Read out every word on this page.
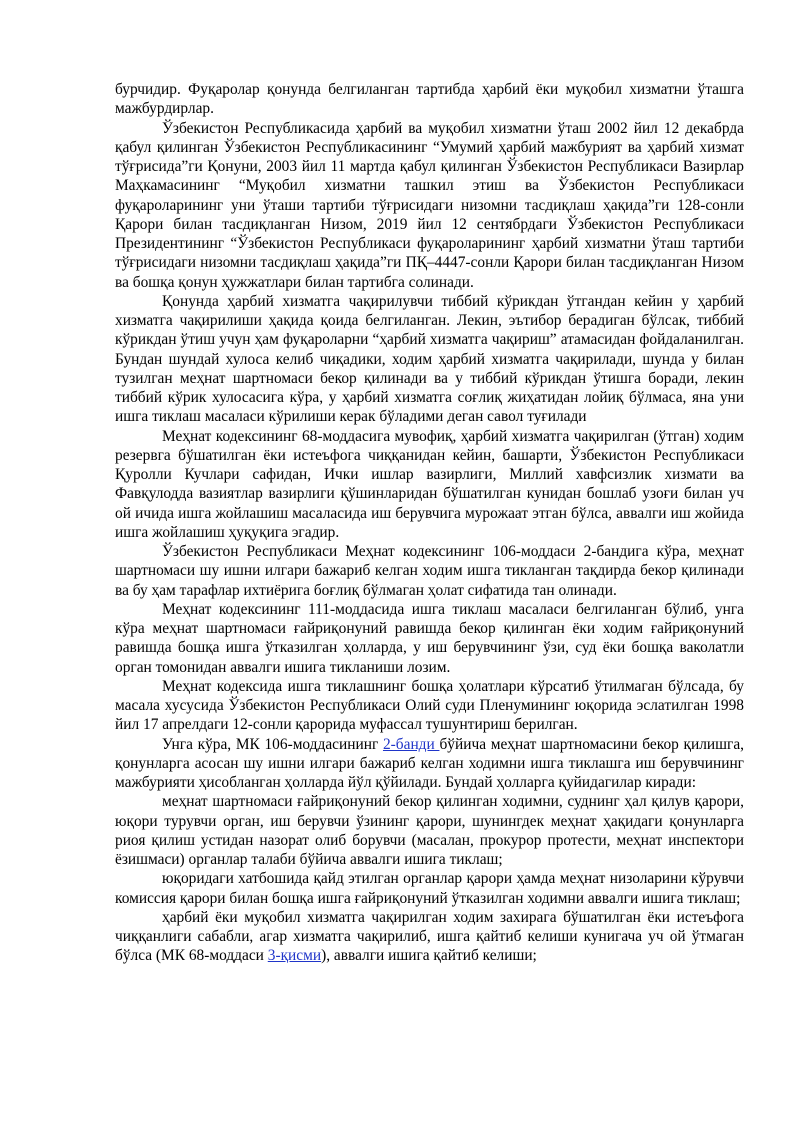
бурчидир. Фуқаролар қонунда белгиланган тартибда ҳарбий ёки муқобил хизматни ўташга мажбурдирлар.

Ўзбекистон Республикасида ҳарбий ва муқобил хизматни ўташ 2002 йил 12 декабрда қабул қилинган Ўзбекистон Республикасининг “Умумий ҳарбий мажбурият ва ҳарбий хизмат тўғрисида”ги Қонуни, 2003 йил 11 мартда қабул қилинган Ўзбекистон Республикаси Вазирлар Маҳкамасининг “Муқобил хизматни ташкил этиш ва Ўзбекистон Республикаси фуқароларининг уни ўташи тартиби тўғрисидаги низомни тасдиқлаш ҳақида”ги 128-сонли Қарори билан тасдиқланган Низом, 2019 йил 12 сентябрдаги Ўзбекистон Республикаси Президентининг “Ўзбекистон Республикаси фуқароларининг ҳарбий хизматни ўташ тартиби тўғрисидаги низомни тасдиқлаш ҳақида”ги ПҚ–4447-сонли Қарори билан тасдиқланган Низом ва бошқа қонун ҳужжатлари билан тартибга солинади.

Қонунда ҳарбий хизматга чақирилувчи тиббий кўрикдан ўтгандан кейин у ҳарбий хизматга чақирилиши ҳақида қоида белгиланган. Лекин, эътибор берадиган бўлсак, тиббий кўрикдан ўтиш учун ҳам фуқароларни “ҳарбий хизматга чақириш” атамасидан фойдаланилган. Бундан шундай хулоса келиб чиқадики, ходим ҳарбий хизматга чақирилади, шунда у билан тузилган меҳнат шартномаси бекор қилинади ва у тиббий кўрикдан ўтишга боради, лекин тиббий кўрик хулосасига кўра, у ҳарбий хизматга соғлиқ жиҳатидан лойиқ бўлмаса, яна уни ишга тиклаш масаласи кўрилиши керак бўладими деган савол туғилади

Меҳнат кодексининг 68-моддасига мувофиқ, ҳарбий хизматга чақирилган (ўтган) ходим резервга бўшатилган ёки истеъфога чиққанидан кейин, башарти, Ўзбекистон Республикаси Қуролли Кучлари сафидан, Ички ишлар вазирлиги, Миллий хавфсизлик хизмати ва Фавқулодда вазиятлар вазирлиги қўшинларидан бўшатилган кунидан бошлаб узоғи билан уч ой ичида ишга жойлашиш масаласида иш берувчига мурожаат этган бўлса, аввалги иш жойида ишга жойлашиш ҳуқуқига эгадир.

Ўзбекистон Республикаси Меҳнат кодексининг 106-моддаси 2-бандига кўра, меҳнат шартномаси шу ишни илгари бажариб келган ходим ишга тикланган тақдирда бекор қилинади ва бу ҳам тарафлар ихтиёрига боғлиқ бўлмаган ҳолат сифатида тан олинади.

Меҳнат кодексининг 111-моддасида ишга тиклаш масаласи белгиланган бўлиб, унга кўра меҳнат шартномаси ғайриқонуний равишда бекор қилинган ёки ходим ғайриқонуний равишда бошқа ишга ўтказилган ҳолларда, у иш берувчининг ўзи, суд ёки бошқа ваколатли орган томонидан аввалги ишига тикланиши лозим.

Меҳнат кодексида ишга тиклашнинг бошқа ҳолатлари кўрсатиб ўтилмаган бўлсада, бу масала хусусида Ўзбекистон Республикаси Олий суди Пленумининг юқорида эслатилган 1998 йил 17 апрелдаги 12-сонли қарорида муфассал тушунтириш берилган.

Унга кўра, МК 106-моддасининг 2-банди бўйича меҳнат шартномасини бекор қилишга, қонунларга асосан шу ишни илгари бажариб келган ходимни ишга тиклашга иш берувчининг мажбурияти ҳисобланган ҳолларда йўл қўйилади. Бундай ҳолларга қуйидагилар киради:

меҳнат шартномаси ғайриқонуний бекор қилинган ходимни, суднинг ҳал қилув қарори, юқори турувчи орган, иш берувчи ўзининг қарори, шунингдек меҳнат ҳақидаги қонунларга риоя қилиш устидан назорат олиб борувчи (масалан, прокурор протести, меҳнат инспектори ёзишмаси) органлар талаби бўйича аввалги ишига тиклаш;

юқоридаги хатбошида қайд этилган органлар қарори ҳамда меҳнат низоларини кўрувчи комиссия қарори билан бошқа ишга ғайриқонуний ўтказилган ходимни аввалги ишига тиклаш;

ҳарбий ёки муқобил хизматга чақирилган ходим захирага бўшатилган ёки истеъфога чиққанлиги сабабли, агар хизматга чақирилиб, ишга қайтиб келиши кунигача уч ой ўтмаган бўлса (МК 68-моддаси 3-қисми), аввалги ишига қайтиб келиши;
